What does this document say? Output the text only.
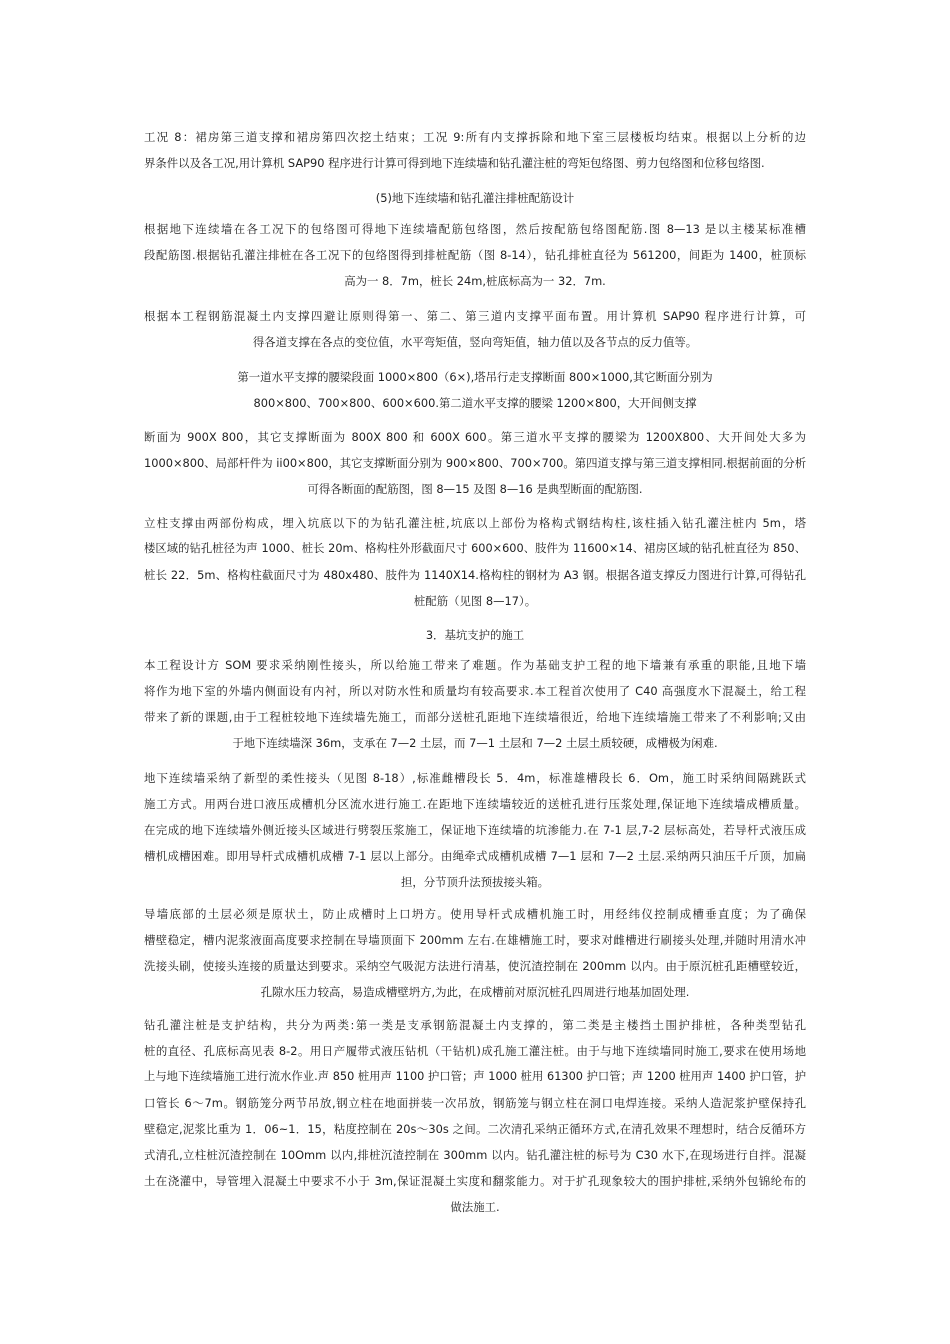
工况 8：裙房第三道支撑和裙房第四次挖土结束；工况 9:所有内支撑拆除和地下室三层楼板均结束。根据以上分析的边
界条件以及各工况,用计算机 SAP90 程序进行计算可得到地下连续墙和钻孔灌注桩的弯矩包络图、剪力包络图和位移包络图.
(5)地下连续墙和钻孔灌注排桩配筋设计
根据地下连续墙在各工况下的包络图可得地下连续墙配筋包络图，然后按配筋包络图配筋.图 8—13 是以主楼某标准槽
段配筋图.根据钻孔灌注排桩在各工况下的包络图得到排桩配筋（图 8-14），钻孔排桩直径为 561200，间距为 1400，桩顶标
高为一 8．7m，桩长 24m,桩底标高为一 32．7m.
根据本工程钢筋混凝土内支撑四避让原则得第一、第二、第三道内支撑平面布置。用计算机 SAP90 程序进行计算，可
得各道支撑在各点的变位值，水平弯矩值，竖向弯矩值，轴力值以及各节点的反力值等。
第一道水平支撑的腰梁段面 1000×800（6×),塔吊行走支撑断面 800×1000,其它断面分别为
800×800、700×800、600×600.第二道水平支撑的腰梁 1200×800，大开间侧支撑
断面为 900X 800，其它支撑断面为 800X 800 和 600X 600。第三道水平支撑的腰梁为 1200X800、大开间处大多为
1000×800、局部杆件为 ii00×800，其它支撑断面分别为 900×800、700×700。第四道支撑与第三道支撑相同.根据前面的分析
可得各断面的配筋图，图 8—15 及图 8—16 是典型断面的配筋图.
立柱支撑由两部份构成，埋入坑底以下的为钻孔灌注桩,坑底以上部份为格构式钢结构柱,该柱插入钻孔灌注桩内 5m，塔
楼区域的钻孔桩径为声 1000、桩长 20m、格构柱外形截面尺寸 600×600、肢件为 11600×14、裙房区域的钻孔桩直径为 850、
桩长 22．5m、格构柱截面尺寸为 480x480、肢件为 1140X14.格构柱的钢材为 A3 钢。根据各道支撑反力图进行计算,可得钻孔
桩配筋（见图 8—17）。
3．基坑支护的施工
本工程设计方 SOM 要求采纳刚性接头，所以给施工带来了难题。作为基础支护工程的地下墙兼有承重的职能,且地下墙
将作为地下室的外墙内侧面设有内衬，所以对防水性和质量均有较高要求.本工程首次使用了 C40 高强度水下混凝土，给工程
带来了新的课题,由于工程桩较地下连续墙先施工，而部分送桩孔距地下连续墙很近，给地下连续墙施工带来了不利影响;又由
于地下连续墙深 36m，支承在 7—2 土层，而 7—1 土层和 7—2 土层土质较硬，成槽极为闲难.
地下连续墙采纳了新型的柔性接头（见图 8-18）,标准雌槽段长 5．4m，标准雄槽段长 6．Om，施工时采纳间隔跳跃式
施工方式。用两台进口液压成槽机分区流水进行施工.在距地下连续墙较近的送桩孔进行压浆处理,保证地下连续墙成槽质量。
在完成的地下连续墙外侧近接头区域进行劈裂压浆施工，保证地下连续墙的坑渗能力.在 7-1 层,7-2 层标高处，若导杆式液压成
槽机成槽困难。即用导杆式成槽机成槽 7-1 层以上部分。由绳牵式成槽机成槽 7—1 层和 7—2 土层.采纳两只油压千斤顶，加扁
担，分节顶升法预拔接头箱。
导墙底部的土层必须是原状土，防止成槽时上口坍方。使用导杆式成槽机施工时，用经纬仪控制成槽垂直度；为了确保
槽壁稳定，槽内泥浆液面高度要求控制在导墙顶面下 200mm 左右.在雄槽施工时，要求对雌槽进行刷接头处理,并随时用清水冲
洗接头刷，使接头连接的质量达到要求。采纳空气吸泥方法进行清基，使沉渣控制在 200mm 以内。由于原沉桩孔距槽壁较近，
孔隙水压力较高，易造成槽壁坍方,为此，在成槽前对原沉桩孔四周进行地基加固处理.
钻孔灌注桩是支护结构，共分为两类:第一类是支承钢筋混凝土内支撑的，第二类是主楼挡土围护排桩，各种类型钻孔
桩的直径、孔底标高见表 8-2。用日产履带式液压钻机（干钻机)成孔施工灌注桩。由于与地下连续墙同时施工,要求在使用场地
上与地下连续墙施工进行流水作业.声 850 桩用声 1100 护口管；声 1000 桩用 61300 护口管；声 1200 桩用声 1400 护口管，护
口管长 6～7m。钢筋笼分两节吊放,钢立柱在地面拼装一次吊放，钢筋笼与钢立柱在洞口电焊连接。采纳人造泥浆护壁保持孔
壁稳定,泥浆比重为 1．06~1．15，粘度控制在 20s～30s 之间。二次清孔采纳正循环方式,在清孔效果不理想时，结合反循环方
式清孔,立柱桩沉渣控制在 10Omm 以内,排桩沉渣控制在 300mm 以内。钻孔灌注桩的标号为 C30 水下,在现场进行自拌。混凝
土在浇灌中，导管埋入混凝土中要求不小于 3m,保证混凝土实度和翻浆能力。对于扩孔现象较大的围护排桩,采纳外包锦纶布的
做法施工.
